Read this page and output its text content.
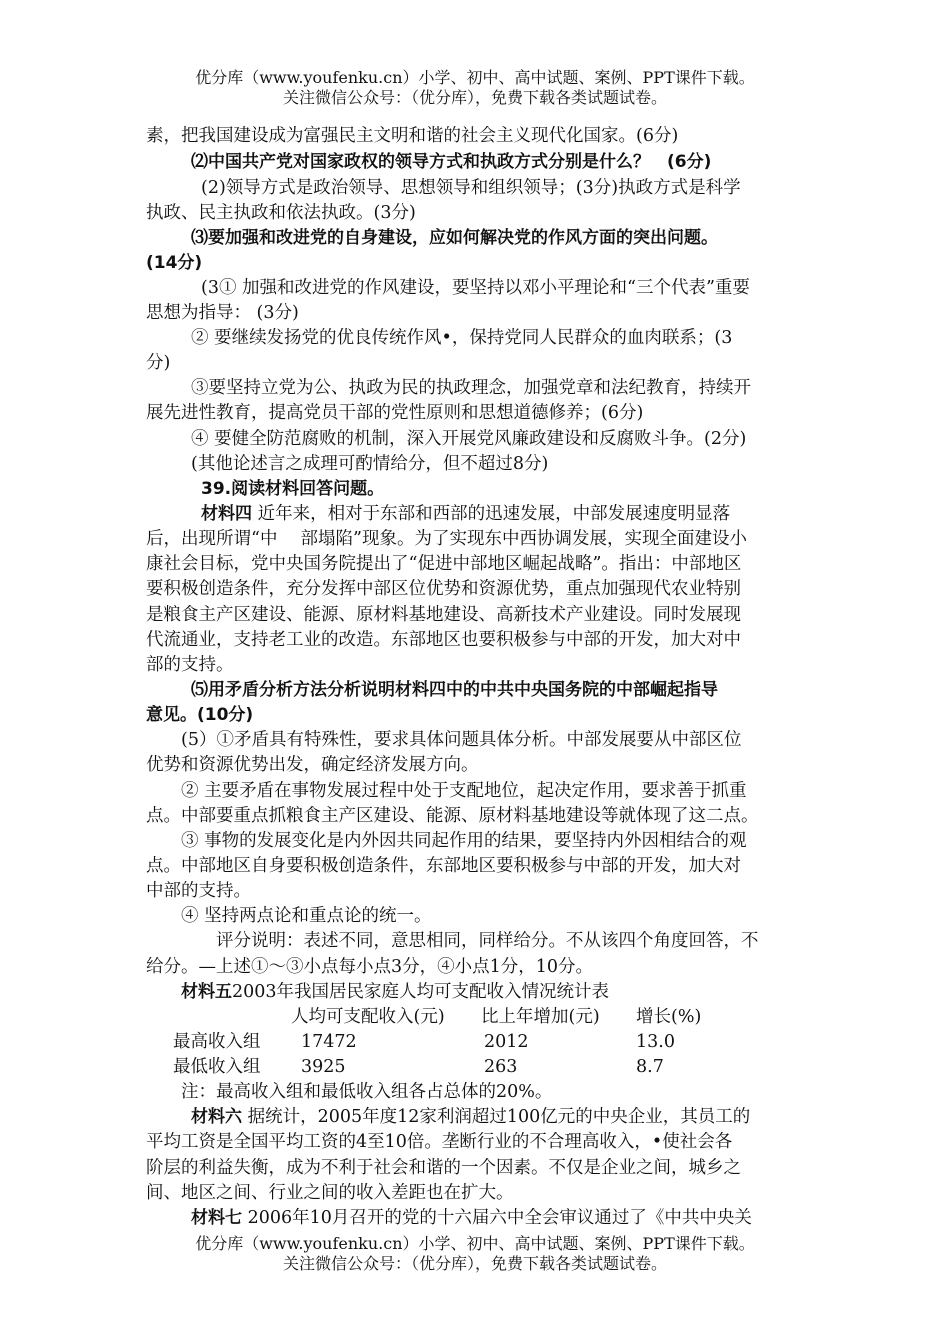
优分库（www.youfenku.cn）小学、初中、高中试题、案例、PPT课件下载。
关注微信公众号：（优分库），免费下载各类试题试卷。
素，把我国建设成为富强民主文明和谐的社会主义现代化国家。(6分)
⑵中国共产党对国家政权的领导方式和执政方式分别是什么？　(6分)
(2)领导方式是政治领导、思想领导和组织领导；(3分)执政方式是科学
执政、民主执政和依法执政。(3分)
⑶要加强和改进党的自身建设，应如何解决党的作风方面的突出问题。
(14分)
(3① 加强和改进党的作风建设，要坚持以邓小平理论和“三个代表”重要
思想为指导： (3分)
② 要继续发扬党的优良传统作风•，保持党同人民群众的血肉联系；(3
分)
③要坚持立党为公、执政为民的执政理念，加强党章和法纪教育，持续开
展先进性教育，提高党员干部的党性原则和思想道德修养；(6分)
④ 要健全防范腐败的机制，深入开展党风廉政建设和反腐败斗争。(2分)
(其他论述言之成理可酌情给分，但不超过8分)
39.阅读材料回答问题。
材料四 近年来，相对于东部和西部的迅速发展，中部发展速度明显落
后，出现所谓“中　 部塌陷”现象。为了实现东中西协调发展，实现全面建设小
康社会目标，党中央国务院提出了“促进中部地区崛起战略”。指出：中部地区
要积极创造条件，充分发挥中部区位优势和资源优势，重点加强现代农业特别
是粮食主产区建设、能源、原材料基地建设、高新技术产业建设。同时发展现
代流通业，支持老工业的改造。东部地区也要积极参与中部的开发，加大对中
部的支持。
⑸用矛盾分析方法分析说明材料四中的中共中央国务院的中部崛起指导
意见。(10分)
(5）①矛盾具有特殊性，要求具体问题具体分析。中部发展要从中部区位
优势和资源优势出发，确定经济发展方向。
② 主要矛盾在事物发展过程中处于支配地位，起决定作用，要求善于抓重
点。中部要重点抓粮食主产区建设、能源、原材料基地建设等就体现了这二点。
③ 事物的发展变化是内外因共同起作用的结果，要坚持内外因相结合的观
点。中部地区自身要积极创造条件，东部地区要积极参与中部的开发，加大对
中部的支持。
④ 坚持两点论和重点论的统一。
评分说明：表述不同，意思相同，同样给分。不从该四个角度回答，不
给分。—上述①～③小点每小点3分，④小点1分，10分。
材料五2003年我国居民家庭人均可支配收入情况统计表
人均可支配收入(元) 比上年增加(元) 增长(%)
最高收入组 17472	2012	13.0
最低收入组 3925	263	8.7
注：最高收入组和最低收入组各占总体的20%。
材料六 据统计，2005年度12家利润超过100亿元的中央企业，其员工的
平均工资是全国平均工资的4至10倍。垄断行业的不合理高收入，•使社会各
阶层的利益失衡，成为不利于社会和谐的一个因素。不仅是企业之间，城乡之
间、地区之间、行业之间的收入差距也在扩大。
材料七 2006年10月召开的党的十六届六中全会审议通过了《中共中央关
优分库（www.youfenku.cn）小学、初中、高中试题、案例、PPT课件下载。
关注微信公众号：（优分库），免费下载各类试题试卷。
